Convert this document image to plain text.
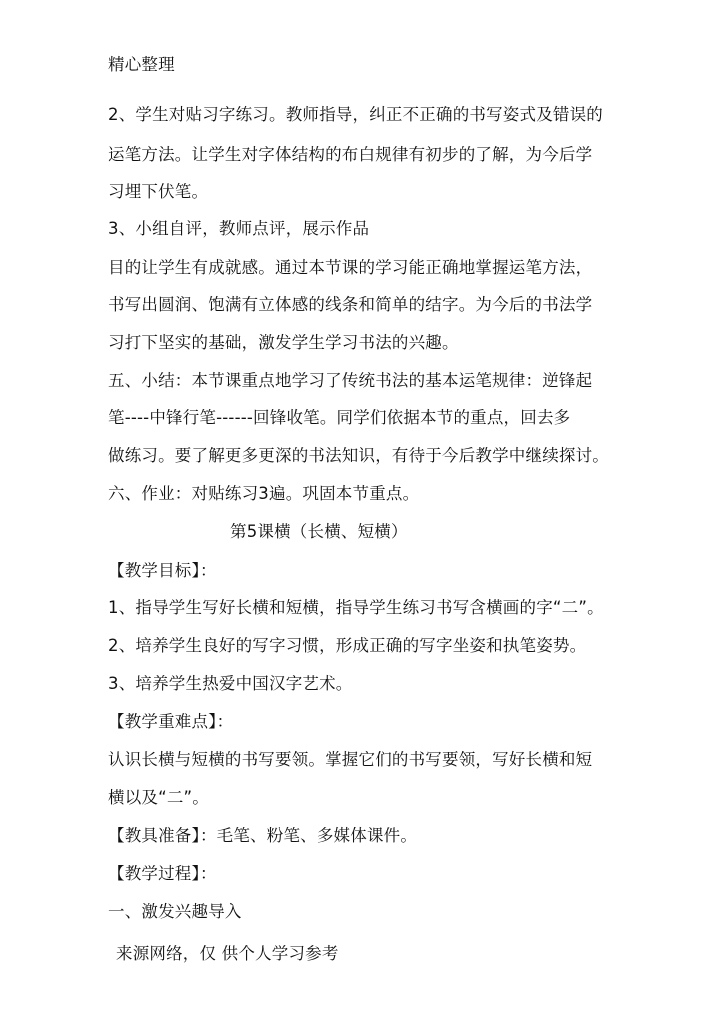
精心整理
2、学生对贴习字练习。教师指导，纠正不正确的书写姿式及错误的
运笔方法。让学生对字体结构的布白规律有初步的了解，为今后学
习埋下伏笔。
3、小组自评，教师点评，展示作品
目的让学生有成就感。通过本节课的学习能正确地掌握运笔方法，
书写出圆润、饱满有立体感的线条和简单的结字。为今后的书法学
习打下坚实的基础，激发学生学习书法的兴趣。
五、小结：本节课重点地学习了传统书法的基本运笔规律：逆锋起
笔----中锋行笔------回锋收笔。同学们依据本节的重点，回去多
做练习。要了解更多更深的书法知识，有待于今后教学中继续探讨。
六、作业：对贴练习3遍。巩固本节重点。
第5课横（长横、短横）
【教学目标】：
1、指导学生写好长横和短横，指导学生练习书写含横画的字“二”。
2、培养学生良好的写字习惯，形成正确的写字坐姿和执笔姿势。
3、培养学生热爱中国汉字艺术。
【教学重难点】：
认识长横与短横的书写要领。掌握它们的书写要领，写好长横和短
横以及“二”。
【教具准备】：毛笔、粉笔、多媒体课件。
【教学过程】：
一、激发兴趣导入
来源网络，仅 供个人学习参考
